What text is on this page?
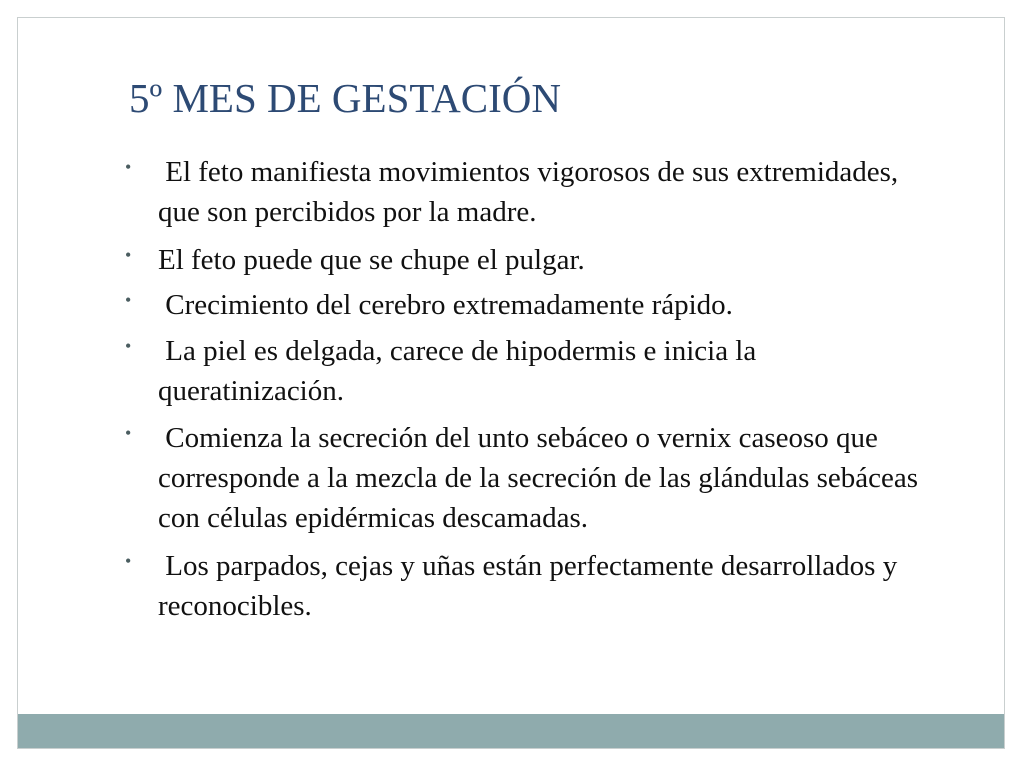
5º MES DE GESTACIÓN
• El feto manifiesta movimientos vigorosos de sus extremidades, que son percibidos por la madre.
• El feto puede que se chupe el pulgar.
• Crecimiento del cerebro extremadamente rápido.
• La piel es delgada, carece de hipodermis e inicia la queratinización.
• Comienza la secreción del unto sebáceo o vernix caseoso que corresponde a la mezcla de la secreción de las glándulas sebáceas con células epidérmicas descamadas.
• Los parpados, cejas y uñas están perfectamente desarrollados y reconocibles.
